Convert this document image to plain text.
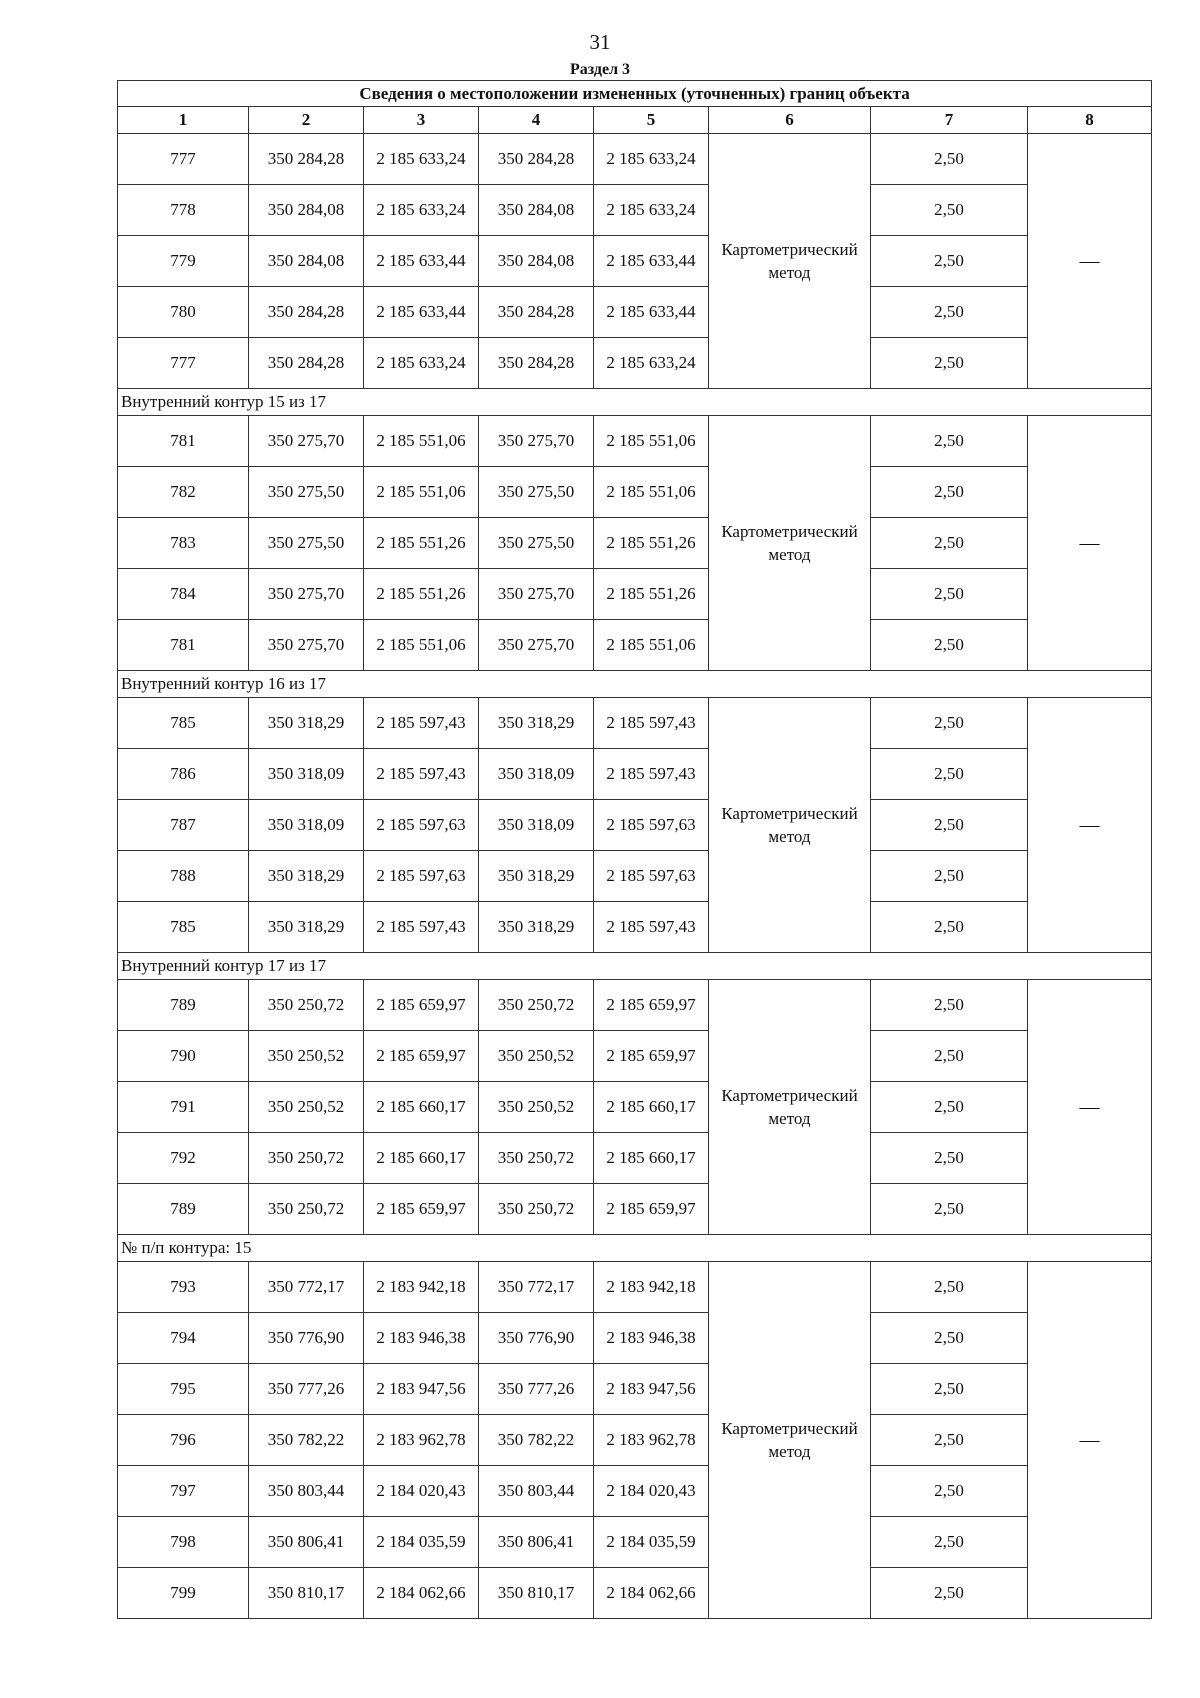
31
Раздел 3
Сведения о местоположении измененных (уточненных) границ объекта							
1	2	3	4	5	6	7	8
777	350 284,28	2 185 633,24	350 284,28	2 185 633,24	Картометрический метод	2,50	—
778	350 284,08	2 185 633,24	350 284,08	2 185 633,24		2,50	
779	350 284,08	2 185 633,44	350 284,08	2 185 633,44		2,50	
780	350 284,28	2 185 633,44	350 284,28	2 185 633,44		2,50	
777	350 284,28	2 185 633,24	350 284,28	2 185 633,24		2,50	
Внутренний контур 15 из 17							
781	350 275,70	2 185 551,06	350 275,70	2 185 551,06	Картометрический метод	2,50	—
782	350 275,50	2 185 551,06	350 275,50	2 185 551,06		2,50	
783	350 275,50	2 185 551,26	350 275,50	2 185 551,26		2,50	
784	350 275,70	2 185 551,26	350 275,70	2 185 551,26		2,50	
781	350 275,70	2 185 551,06	350 275,70	2 185 551,06		2,50	
Внутренний контур 16 из 17							
785	350 318,29	2 185 597,43	350 318,29	2 185 597,43	Картометрический метод	2,50	—
786	350 318,09	2 185 597,43	350 318,09	2 185 597,43		2,50	
787	350 318,09	2 185 597,63	350 318,09	2 185 597,63		2,50	
788	350 318,29	2 185 597,63	350 318,29	2 185 597,63		2,50	
785	350 318,29	2 185 597,43	350 318,29	2 185 597,43		2,50	
Внутренний контур 17 из 17							
789	350 250,72	2 185 659,97	350 250,72	2 185 659,97	Картометрический метод	2,50	—
790	350 250,52	2 185 659,97	350 250,52	2 185 659,97		2,50	
791	350 250,52	2 185 660,17	350 250,52	2 185 660,17		2,50	
792	350 250,72	2 185 660,17	350 250,72	2 185 660,17		2,50	
789	350 250,72	2 185 659,97	350 250,72	2 185 659,97		2,50	
№ п/п контура: 15							
793	350 772,17	2 183 942,18	350 772,17	2 183 942,18	Картометрический метод	2,50	—
794	350 776,90	2 183 946,38	350 776,90	2 183 946,38		2,50	
795	350 777,26	2 183 947,56	350 777,26	2 183 947,56		2,50	
796	350 782,22	2 183 962,78	350 782,22	2 183 962,78		2,50	
797	350 803,44	2 184 020,43	350 803,44	2 184 020,43		2,50	
798	350 806,41	2 184 035,59	350 806,41	2 184 035,59		2,50	
799	350 810,17	2 184 062,66	350 810,17	2 184 062,66		2,50	
